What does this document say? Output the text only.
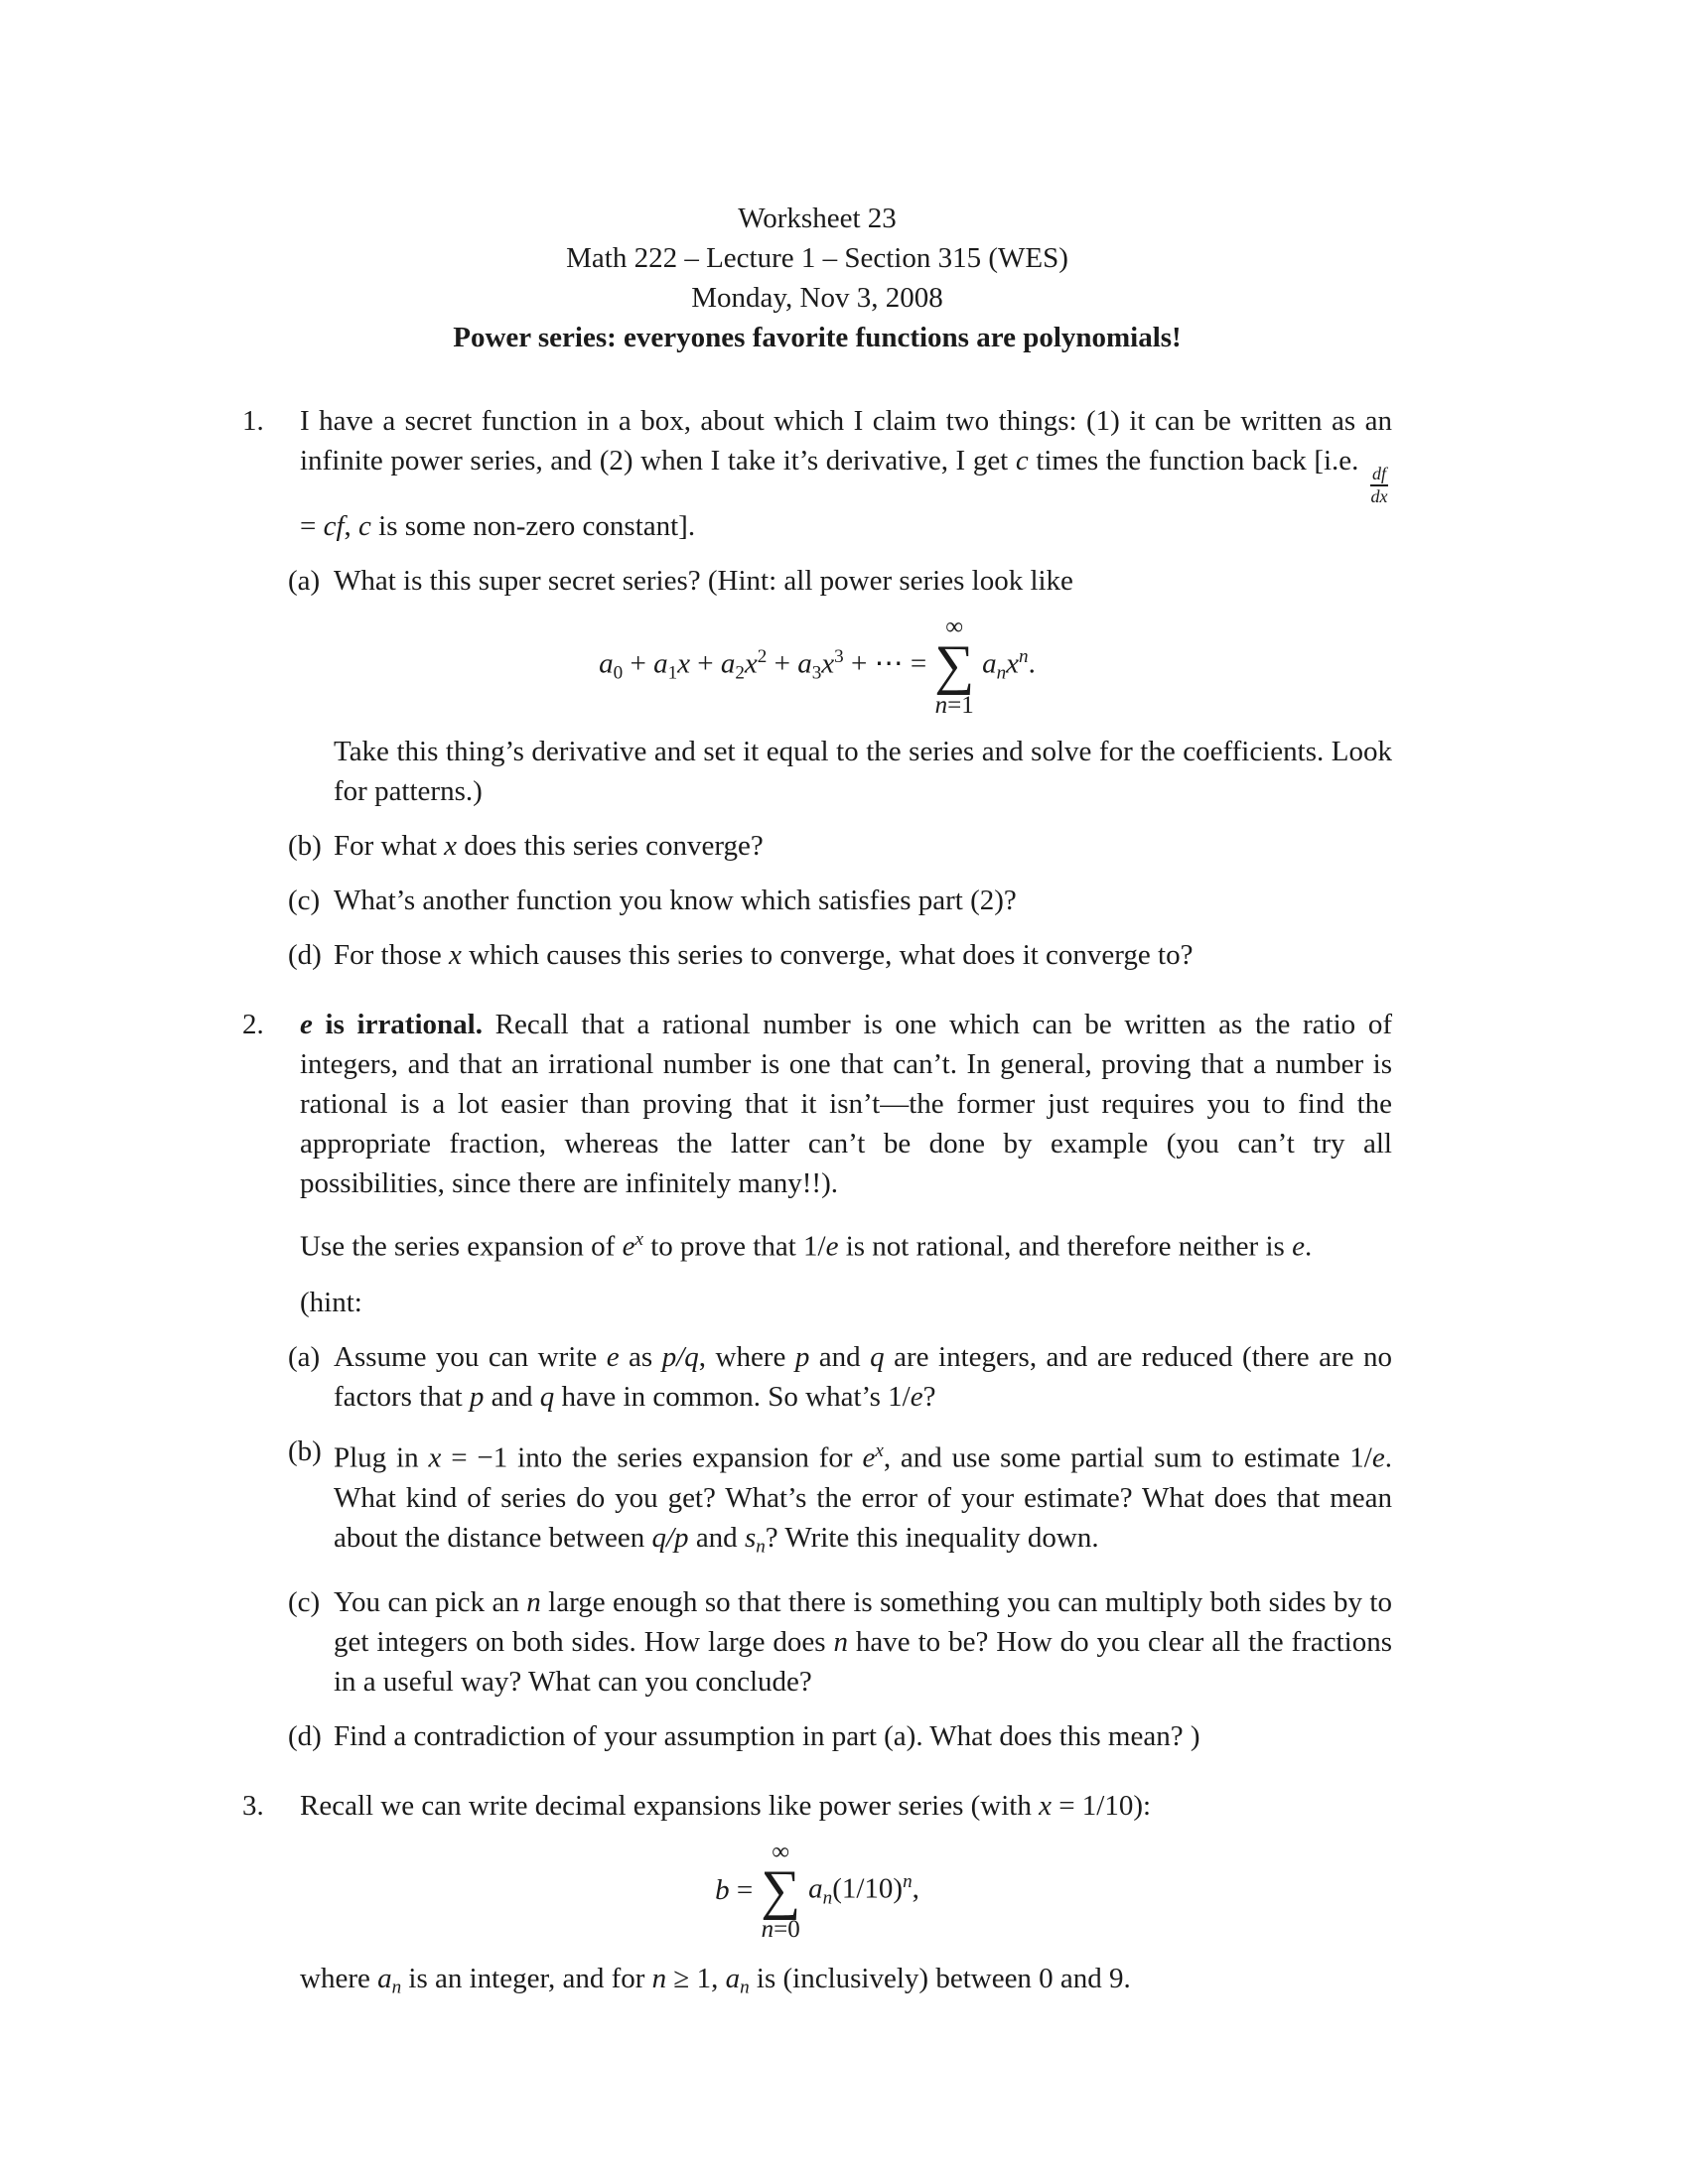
Worksheet 23
Math 222 – Lecture 1 – Section 315 (WES)
Monday, Nov 3, 2008
Power series: everyones favorite functions are polynomials!
1. I have a secret function in a box, about which I claim two things: (1) it can be written as an infinite power series, and (2) when I take it’s derivative, I get c times the function back [i.e.
$\frac{df}{dx}$
= cf, c is some non-zero constant].

(a) What is this super secret series? (Hint: all power series look like

$a0 + a1x + a2x^2 + a3x^3$ + ⋯ =
∞
∑
n=1
anx$^n$.

Take this thing’s derivative and set it equal to the series and solve for the coefficients. Look for patterns.)

(b) For what x does this series converge?

(c) What’s another function you know which satisfies part (2)?

(d) For those x which causes this series to converge, what does it converge to?

2. e is irrational. Recall that a rational number is one which can be written as the ratio of integers, and that an irrational number is one that can’t. In general, proving that a number is rational is a lot easier than proving that it isn’t—the former just requires you to find the appropriate fraction, whereas the latter can’t be done by example (you can’t try all possibilities, since there are infinitely many!!).

Use the series expansion of $e^x$ to prove that 1/e is not rational, and therefore neither is e.

(hint:

(a) Assume you can write e as p/q, where p and q are integers, and are reduced (there are no factors that p and q have in common. So what’s 1/e?

(b) Plug in x = −1 into the series expansion for $e^x$, and use some partial sum to estimate 1/e. What kind of series do you get? What’s the error of your estimate? What does that mean about the distance between q/p and sn? Write this inequality down.

(c) You can pick an n large enough so that there is something you can multiply both sides by to get integers on both sides. How large does n have to be? How do you clear all the fractions in a useful way? What can you conclude?

(d) Find a contradiction of your assumption in part (a). What does this mean? )

3. Recall we can write decimal expansions like power series (with x = 1/10):

b =
∞
∑
n=0
$an(1/10)^n$,

where an is an integer, and for n ≥ 1, an is (inclusively) between 0 and 9.
